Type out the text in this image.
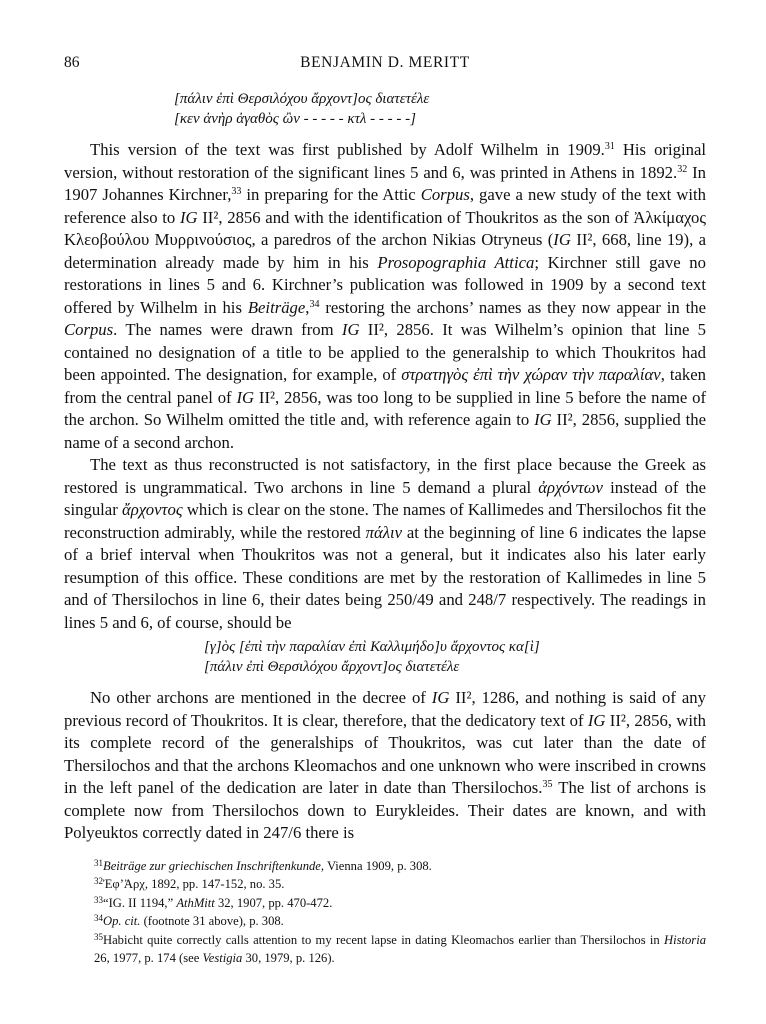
86	BENJAMIN D. MERITT
[πάλιν ἐπὶ Θερσιλόχου ἄρχοντ]ος διατετέλε
[κεν ἀνὴρ ἀγαθὸς ὢν - - - - - κτλ - - - - -]

This version of the text was first published by Adolf Wilhelm in 1909.31 His original version, without restoration of the significant lines 5 and 6, was printed in Athens in 1892.32 In 1907 Johannes Kirchner,$^{33}$ in preparing for the Attic Corpus, gave a new study of the text with reference also to IG II², 2856 and with the identification of Thoukritos as the son of Ἀλκίμαχος Κλεοβούλου Μυρρινούσιος, a paredros of the archon Nikias Otryneus (IG II², 668, line 19), a determination already made by him in his Prosopographia Attica; Kirchner still gave no restorations in lines 5 and 6. Kirchner’s publication was followed in 1909 by a second text offered by Wilhelm in his Beiträge,$^{34}$ restoring the archons’ names as they now appear in the Corpus. The names were drawn from IG II², 2856. It was Wilhelm’s opinion that line 5 contained no designation of a title to be applied to the generalship to which Thoukritos had been appointed. The designation, for example, of στρατηγὸς ἐπὶ τὴν χώραν τὴν παραλίαν, taken from the central panel of IG II², 2856, was too long to be supplied in line 5 before the name of the archon. So Wilhelm omitted the title and, with reference again to IG II², 2856, supplied the name of a second archon.

The text as thus reconstructed is not satisfactory, in the first place because the Greek as restored is ungrammatical. Two archons in line 5 demand a plural ἀρχόντων instead of the singular ἄρχοντος which is clear on the stone. The names of Kallimedes and Thersilochos fit the reconstruction admirably, while the restored πάλιν at the beginning of line 6 indicates the lapse of a brief interval when Thoukritos was not a general, but it indicates also his later early resumption of this office. These conditions are met by the restoration of Kallimedes in line 5 and of Thersilochos in line 6, their dates being 250/49 and 248/7 respectively. The readings in lines 5 and 6, of course, should be

[γ]ὸς [ἐπὶ τὴν παραλίαν ἐπὶ Καλλιμήδο]υ ἄρχοντος κα[ὶ]
[πάλιν ἐπὶ Θερσιλόχου ἄρχοντ]ος διατετέλε

No other archons are mentioned in the decree of IG II², 1286, and nothing is said of any previous record of Thoukritos. It is clear, therefore, that the dedicatory text of IG II², 2856, with its complete record of the generalships of Thoukritos, was cut later than the date of Thersilochos and that the archons Kleomachos and one unknown who were inscribed in crowns in the left panel of the dedication are later in date than Thersilochos.$^{35}$ The list of archons is complete now from Thersilochos down to Eurykleides. Their dates are known, and with Polyeuktos correctly dated in 247/6 there is

$^{31}$Beiträge zur griechischen Inschriftenkunde, Vienna 1909, p. 308.
$^{32}$Ἐφ’Ἀρχ, 1892, pp. 147-152, no. 35.
$^{33}$“IG. II 1194,” AthMitt 32, 1907, pp. 470-472.
$^{34}$Op. cit. (footnote 31 above), p. 308.
$^{35}$Habicht quite correctly calls attention to my recent lapse in dating Kleomachos earlier than Thersilochos in Historia 26, 1977, p. 174 (see Vestigia 30, 1979, p. 126).
